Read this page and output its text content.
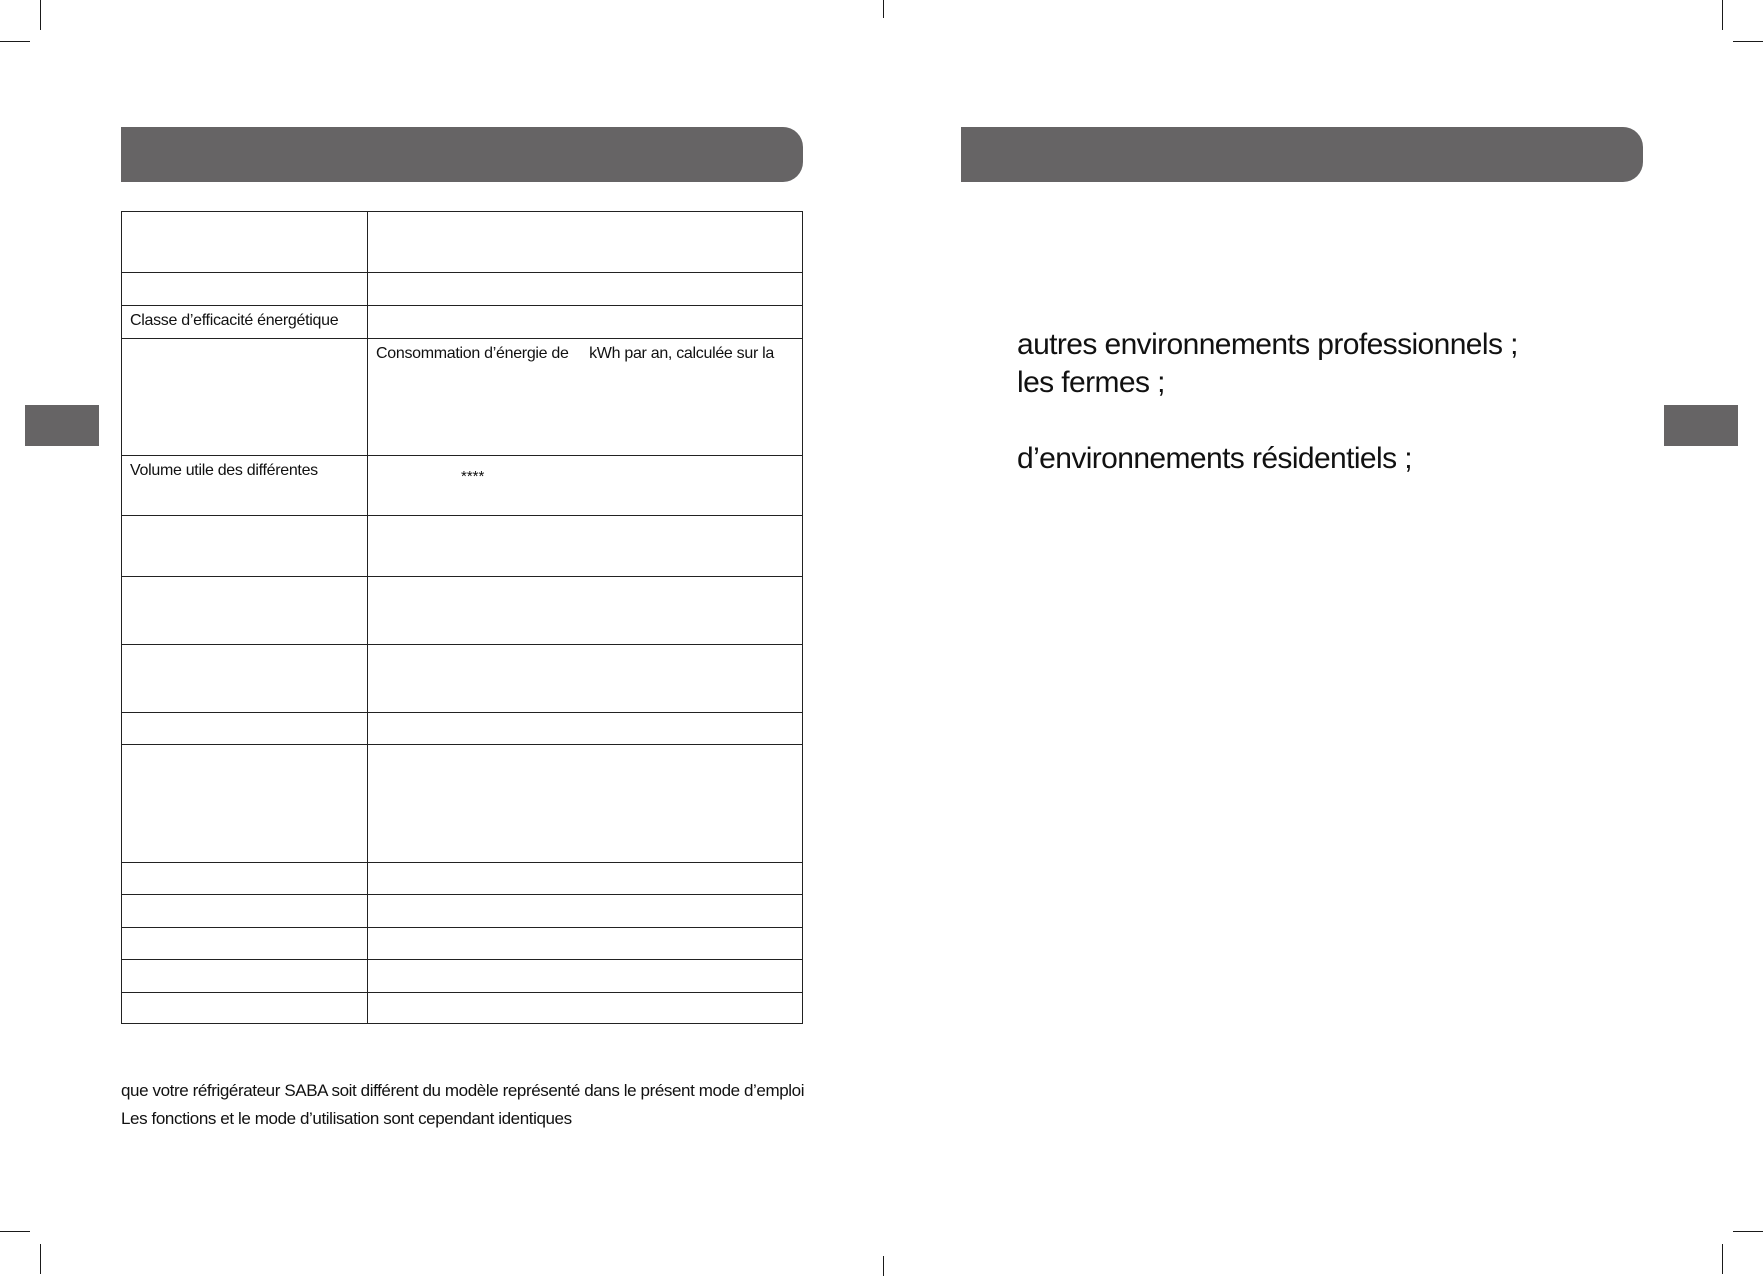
Classe d’efficacité énergétique	

	Consommation d’énergie de kWh par an, calculée sur la

Volume utile des différentes	****

que votre réfrigérateur SABA soit différent du modèle représenté dans le présent mode d’emploi
Les fonctions et le mode d’utilisation sont cependant identiques
autres environnements professionnels ;
les fermes ;
d’environnements résidentiels ;
